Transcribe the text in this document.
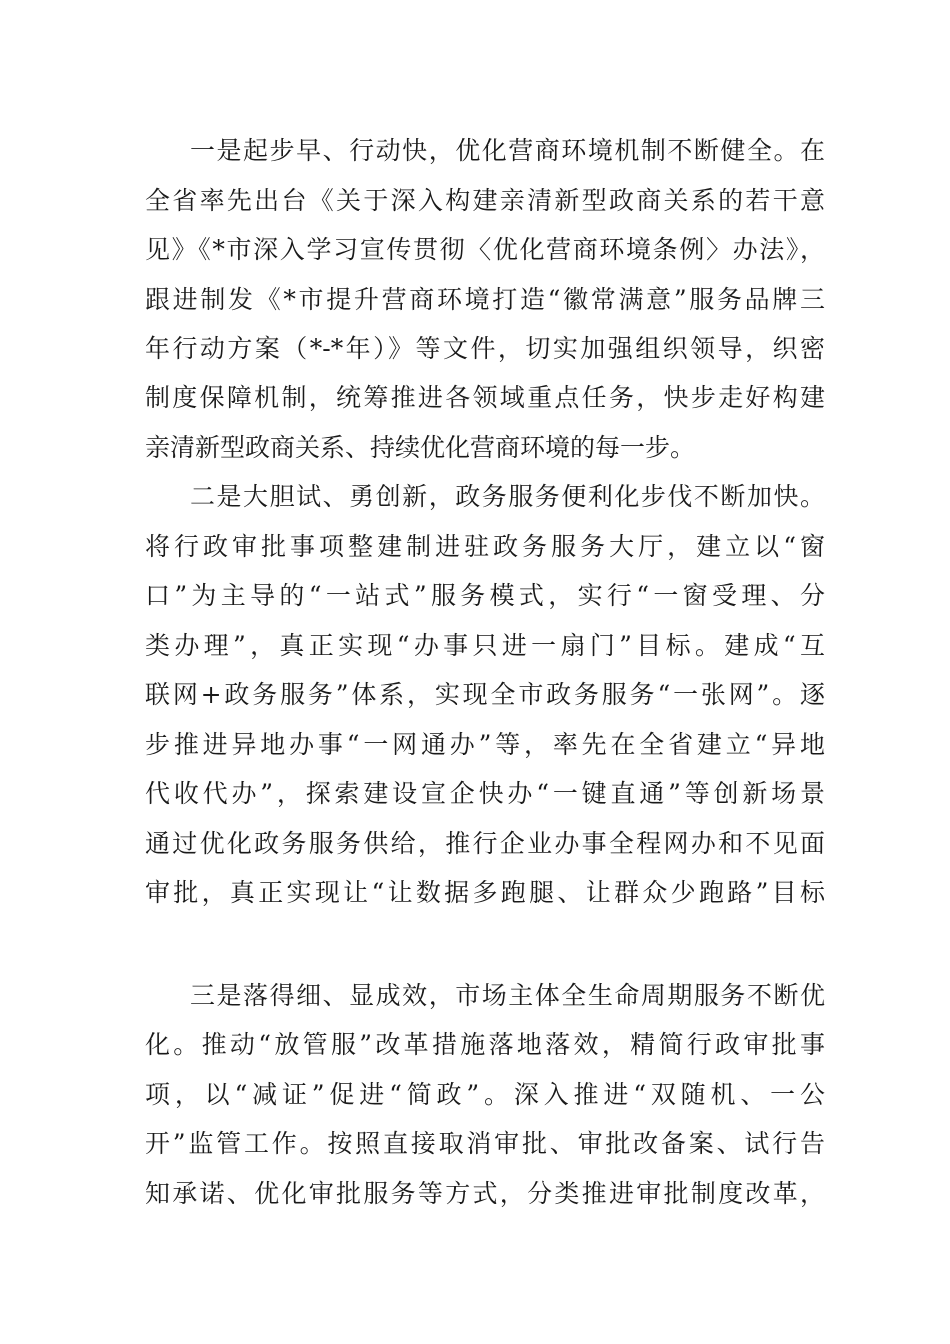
一是起步早、行动快，优化营商环境机制不断健全。在
全省率先出台《关于深入构建亲清新型政商关系的若干意
见》《*市深入学习宣传贯彻〈优化营商环境条例〉办法》，
跟进制发《*市提升营商环境打造“徽常满意”服务品牌三
年行动方案（*-*年）》等文件，切实加强组织领导，织密
制度保障机制，统筹推进各领域重点任务，快步走好构建
亲清新型政商关系、持续优化营商环境的每一步。
二是大胆试、勇创新，政务服务便利化步伐不断加快。
将行政审批事项整建制进驻政务服务大厅，建立以“窗
口”为主导的“一站式”服务模式，实行“一窗受理、分
类办理”，真正实现“办事只进一扇门”目标。建成“互
联网+政务服务”体系，实现全市政务服务“一张网”。逐
步推进异地办事“一网通办”等，率先在全省建立“异地
代收代办”，探索建设宣企快办“一键直通”等创新场景
通过优化政务服务供给，推行企业办事全程网办和不见面
审批，真正实现让“让数据多跑腿、让群众少跑路”目标
三是落得细、显成效，市场主体全生命周期服务不断优
化。推动“放管服”改革措施落地落效，精简行政审批事
项，以“减证”促进“简政”。深入推进“双随机、一公
开”监管工作。按照直接取消审批、审批改备案、试行告
知承诺、优化审批服务等方式，分类推进审批制度改革，
